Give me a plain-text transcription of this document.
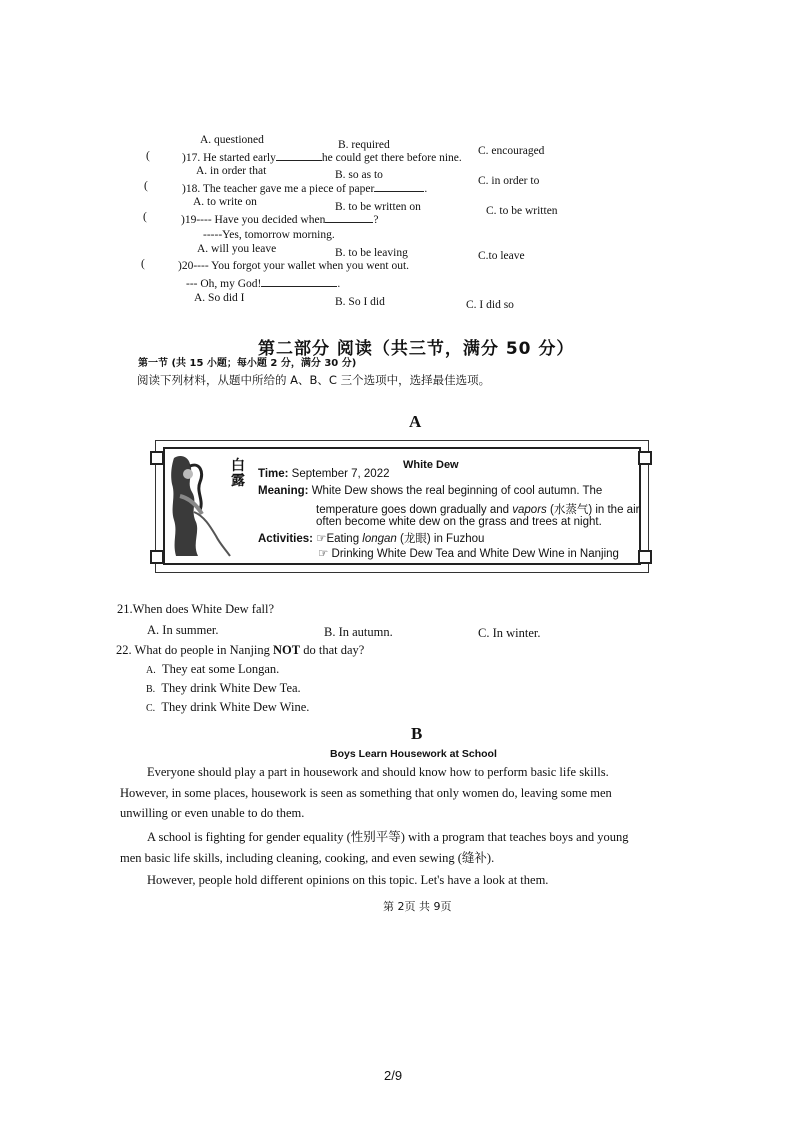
A. questioned	B. required	C. encouraged
(	)17. He started early	he could get there before nine.
A. in order that	B. so as to	C. in order to
(	)18. The teacher gave me a piece of paper	.
A. to write on	B. to be written on	C. to be written
(	)19---- Have you decided when	?
-----Yes, tomorrow morning.
A. will you leave	B. to be leaving	C.to leave
(	)20---- You forgot your wallet when you went out.
--- Oh, my God!	.
A. So did I	B. So I did	C. I did so
第二部分 阅读（共三节，满分 50 分）
第一节 (共 15 小题；每小题 2 分，满分 30 分)
阅读下列材料，从题中所给的 A、B、C 三个选项中，选择最佳选项。
A
白露
White Dew
Time: September 7, 2022
Meaning: White Dew shows the real beginning of cool autumn. The
temperature goes down gradually and vapors (水蒸气) in the air
often become white dew on the grass and trees at night.
Activities: ☞Eating longan (龙眼) in Fuzhou
☞ Drinking White Dew Tea and White Dew Wine in Nanjing
21.When does White Dew fall?
A. In summer.	B. In autumn.	C. In winter.
22. What do people in Nanjing NOT do that day?
A. They eat some Longan.
B. They drink White Dew Tea.
C. They drink White Dew Wine.
B
Boys Learn Housework at School
Everyone should play a part in housework and should know how to perform basic life skills.
However, in some places, housework is seen as something that only women do, leaving some men
unwilling or even unable to do them.
A school is fighting for gender equality (性别平等) with a program that teaches boys and young
men basic life skills, including cleaning, cooking, and even sewing (缝补).
However, people hold different opinions on this topic. Let's have a look at them.
第 2页 共 9页
2/9
